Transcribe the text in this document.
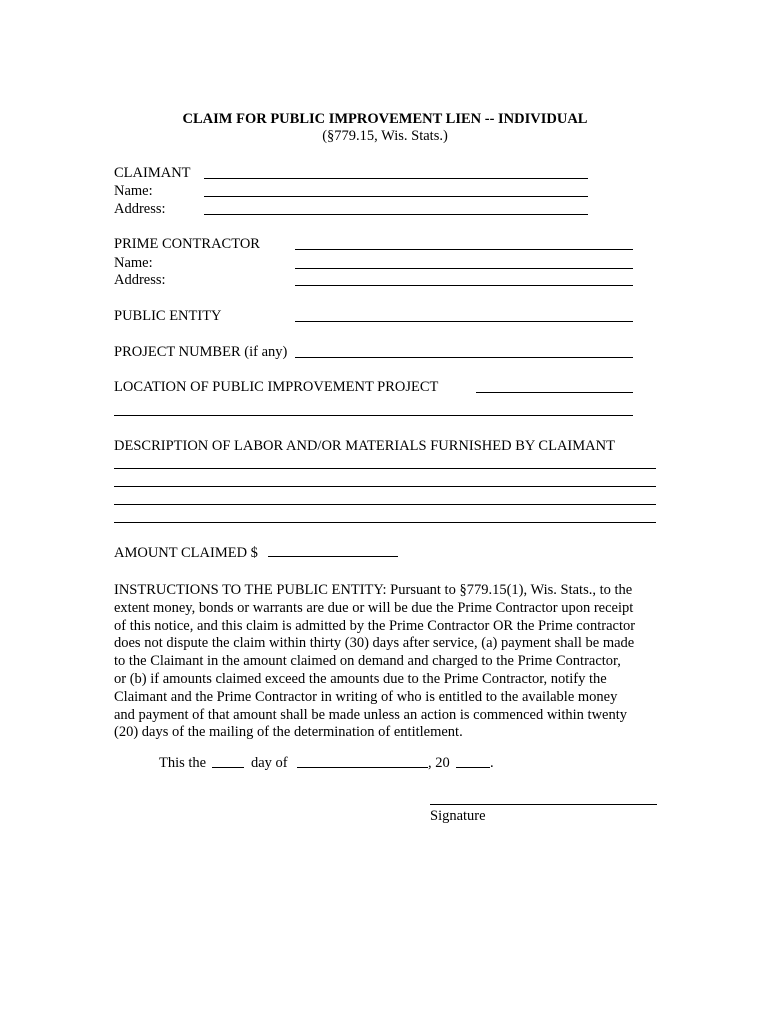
CLAIM FOR PUBLIC IMPROVEMENT LIEN -- INDIVIDUAL
(§779.15, Wis. Stats.)
CLAIMANT
Name:
Address:
PRIME CONTRACTOR
Name:
Address:
PUBLIC ENTITY
PROJECT NUMBER (if any)
LOCATION OF PUBLIC IMPROVEMENT PROJECT
DESCRIPTION OF LABOR AND/OR MATERIALS FURNISHED BY CLAIMANT
AMOUNT CLAIMED $
INSTRUCTIONS TO THE PUBLIC ENTITY: Pursuant to §779.15(1), Wis. Stats., to the
extent money, bonds or warrants are due or will be due the Prime Contractor upon receipt
of this notice, and this claim is admitted by the Prime Contractor OR the Prime contractor
does not dispute the claim within thirty (30) days after service, (a) payment shall be made
to the Claimant in the amount claimed on demand and charged to the Prime Contractor,
or (b) if amounts claimed exceed the amounts due to the Prime Contractor, notify the
Claimant and the Prime Contractor in writing of who is entitled to the available money
and payment of that amount shall be made unless an action is commenced within twenty
(20) days of the mailing of the determination of entitlement.
This the	day of	, 20	.
Signature
